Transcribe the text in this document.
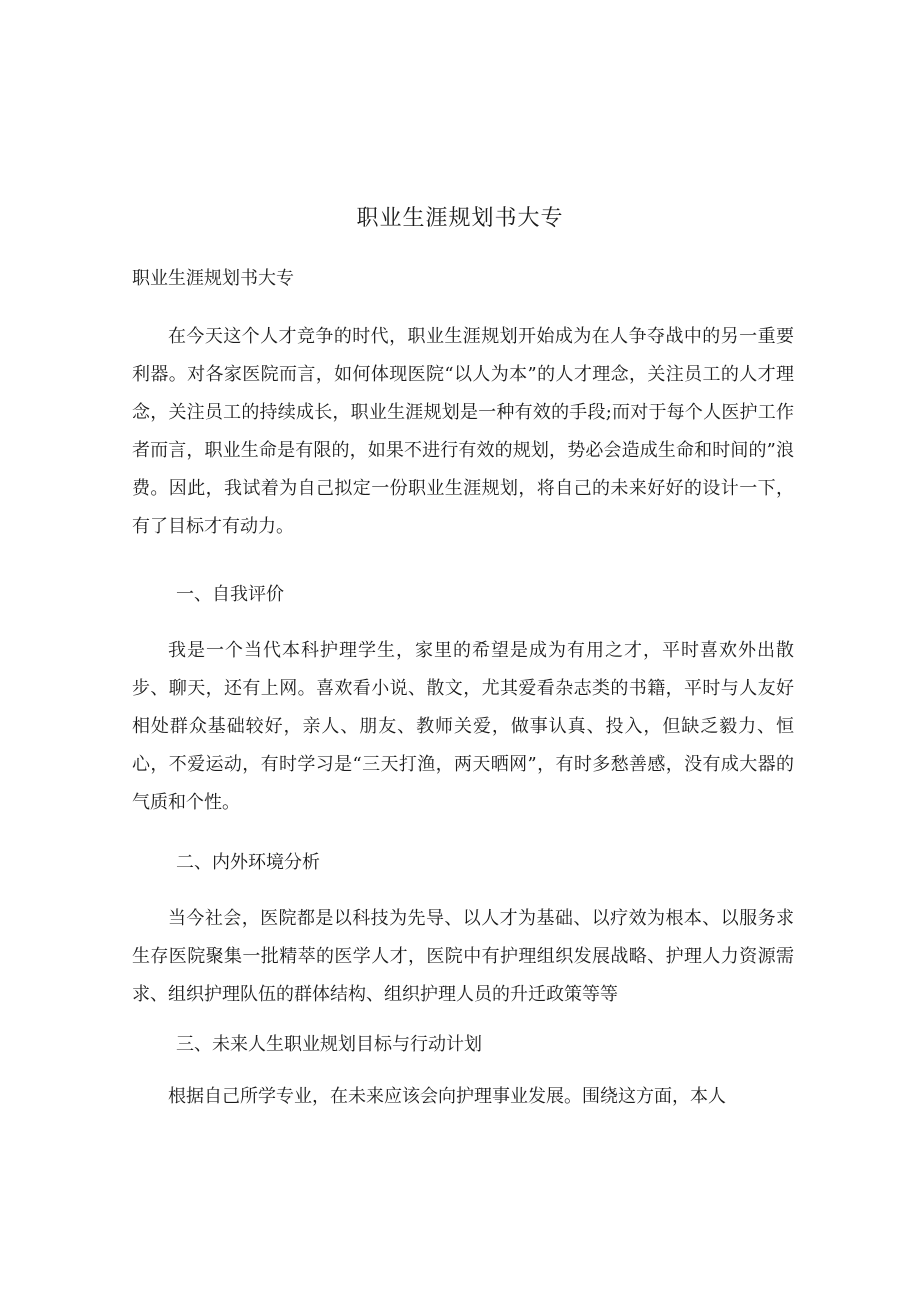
职业生涯规划书大专
职业生涯规划书大专

在今天这个人才竞争的时代，职业生涯规划开始成为在人争夺战中的另一重要利器。对各家医院而言，如何体现医院“以人为本”的人才理念，关注员工的人才理念，关注员工的持续成长，职业生涯规划是一种有效的手段;而对于每个人医护工作者而言，职业生命是有限的，如果不进行有效的规划，势必会造成生命和时间的”浪费。因此，我试着为自己拟定一份职业生涯规划，将自己的未来好好的设计一下，有了目标才有动力。

一、自我评价

我是一个当代本科护理学生，家里的希望是成为有用之才，平时喜欢外出散步、聊天，还有上网。喜欢看小说、散文，尤其爱看杂志类的书籍，平时与人友好相处群众基础较好，亲人、朋友、教师关爱，做事认真、投入，但缺乏毅力、恒心，不爱运动，有时学习是“三天打渔，两天晒网”，有时多愁善感，没有成大器的气质和个性。

二、内外环境分析

当今社会，医院都是以科技为先导、以人才为基础、以疗效为根本、以服务求生存医院聚集一批精萃的医学人才，医院中有护理组织发展战略、护理人力资源需求、组织护理队伍的群体结构、组织护理人员的升迁政策等等

三、未来人生职业规划目标与行动计划

根据自己所学专业，在未来应该会向护理事业发展。围绕这方面，本人
